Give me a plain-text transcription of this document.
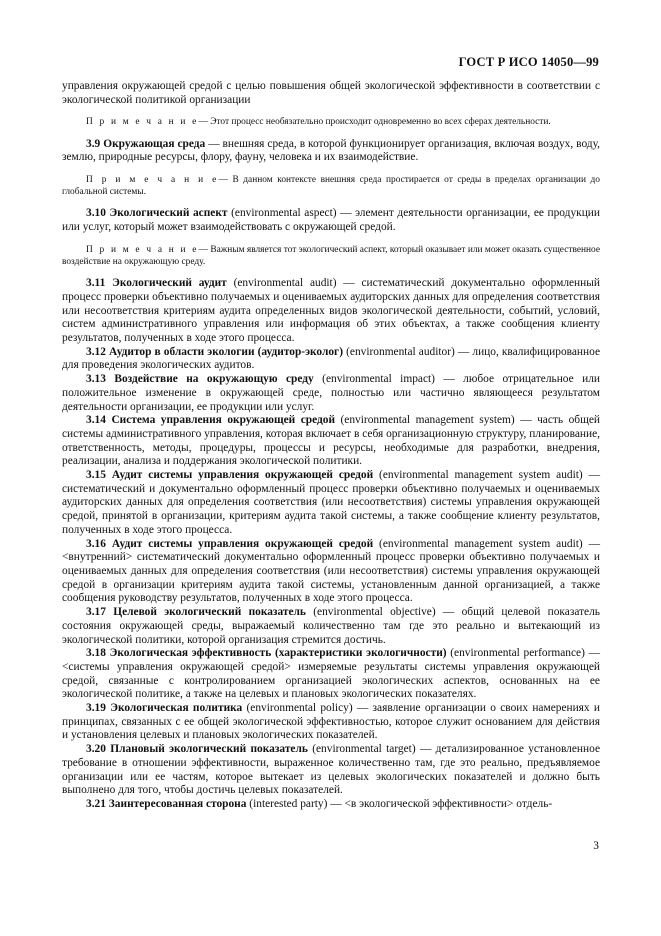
ГОСТ Р ИСО 14050—99

управления окружающей средой с целью повышения общей экологической эффективности в соответствии с экологической политикой организации

П р и м е ч а н и е— Этот процесс необязательно происходит одновременно во всех сферах деятельности.

3.9 Окружающая среда — внешняя среда, в которой функционирует организация, включая воздух, воду, землю, природные ресурсы, флору, фауну, человека и их взаимодействие.

П р и м е ч а н и е— В данном контексте внешняя среда простирается от среды в пределах организации до глобальной системы.

3.10 Экологический аспект (environmental aspect) — элемент деятельности организации, ее продукции или услуг, который может взаимодействовать с окружающей средой.

П р и м е ч а н и е— Важным является тот экологический аспект, который оказывает или может оказать существенное воздействие на окружающую среду.

3.11 Экологический аудит (environmental audit) — систематический документально оформленный процесс проверки объективно получаемых и оцениваемых аудиторских данных для определения соответствия или несоответствия критериям аудита определенных видов экологической деятельности, событий, условий, систем административного управления или информация об этих объектах, а также сообщения клиенту результатов, полученных в ходе этого процесса.

3.12 Аудитор в области экологии (аудитор-эколог) (environmental auditor) — лицо, квалифицированное для проведения экологических аудитов.

3.13 Воздействие на окружающую среду (environmental impact) — любое отрицательное или положительное изменение в окружающей среде, полностью или частично являющееся результатом деятельности организации, ее продукции или услуг.

3.14 Система управления окружающей средой (environmental management system) — часть общей системы административного управления, которая включает в себя организационную структуру, планирование, ответственность, методы, процедуры, процессы и ресурсы, необходимые для разработки, внедрения, реализации, анализа и поддержания экологической политики.

3.15 Аудит системы управления окружающей средой (environmental management system audit) — систематический и документально оформленный процесс проверки объективно получаемых и оцениваемых аудиторских данных для определения соответствия (или несоответствия) системы управления окружающей средой, принятой в организации, критериям аудита такой системы, а также сообщение клиенту результатов, полученных в ходе этого процесса.

3.16 Аудит системы управления окружающей средой (environmental management system audit) — <внутренний> систематический документально оформленный процесс проверки объективно получаемых и оцениваемых данных для определения соответствия (или несоответствия) системы управления окружающей средой в организации критериям аудита такой системы, установленным данной организацией, а также сообщения руководству результатов, полученных в ходе этого процесса.

3.17 Целевой экологический показатель (environmental objective) — общий целевой показатель состояния окружающей среды, выражаемый количественно там где это реально и вытекающий из экологической политики, которой организация стремится достичь.

3.18 Экологическая эффективность (характеристики экологичности) (environmental performance) — <системы управления окружающей средой> измеряемые результаты системы управления окружающей средой, связанные с контролированием организацией экологических аспектов, основанных на ее экологической политике, а также на целевых и плановых экологических показателях.

3.19 Экологическая политика (environmental policy) — заявление организации о своих намерениях и принципах, связанных с ее общей экологической эффективностью, которое служит основанием для действия и установления целевых и плановых экологических показателей.

3.20 Плановый экологический показатель (environmental target) — детализированное установленное требование в отношении эффективности, выраженное количественно там, где это реально, предъявляемое организации или ее частям, которое вытекает из целевых экологических показателей и должно быть выполнено для того, чтобы достичь целевых показателей.

3.21 Заинтересованная сторона (interested party) — <в экологической эффективности> отдель-

3
